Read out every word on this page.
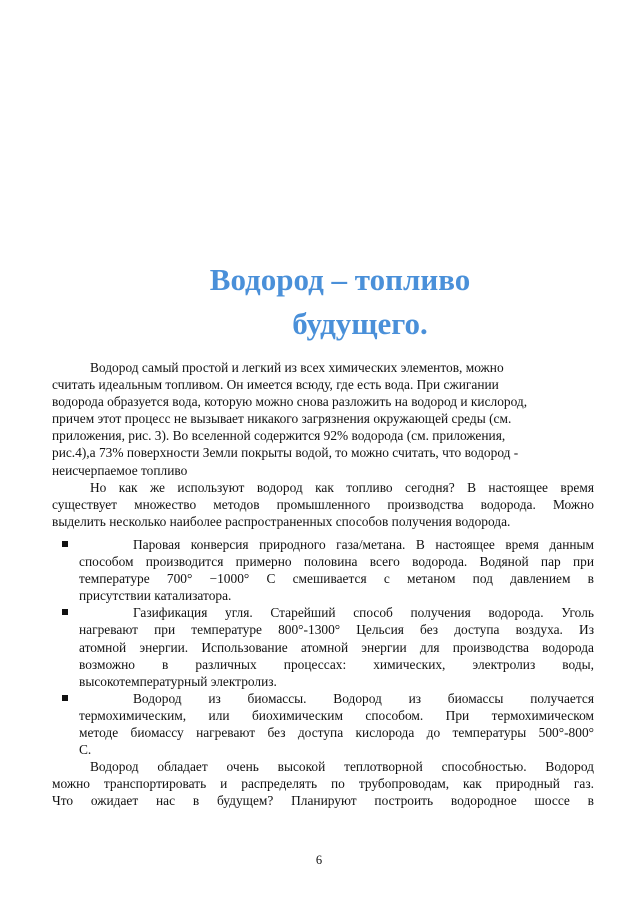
Водород – топливо
будущего.
Водород самый простой и легкий из всех химических элементов, можно
считать идеальным топливом. Он имеется всюду, где есть вода. При сжигании
водорода образуется вода, которую можно снова разложить на водород и кислород,
причем этот процесс не вызывает никакого загрязнения окружающей среды (см.
приложения, рис. 3). Во вселенной содержится 92% водорода (см. приложения,
рис.4),а 73% поверхности Земли покрыты водой, то можно считать, что водород -
неисчерпаемое топливо
Но как же используют водород как топливо сегодня? В настоящее время
существует множество методов промышленного производства водорода. Можно
выделить несколько наиболее распространенных способов получения водорода.
Паровая конверсия природного газа/метана. В настоящее время данным
способом производится примерно половина всего водорода. Водяной пар при
температуре 700° −1000° С смешивается с метаном под давлением в
присутствии катализатора.
Газификация угля. Старейший способ получения водорода. Уголь
нагревают при температуре 800°-1300° Цельсия без доступа воздуха. Из
атомной энергии. Использование атомной энергии для производства водорода
возможно в различных процессах: химических, электролиз воды,
высокотемпературный электролиз.
Водород из биомассы. Водород из биомассы получается
термохимическим, или биохимическим способом. При термохимическом
методе биомассу нагревают без доступа кислорода до температуры 500°-800°
С.
Водород обладает очень высокой теплотворной способностью. Водород
можно транспортировать и распределять по трубопроводам, как природный газ.
Что ожидает нас в будущем? Планируют построить водородное шоссе в
6
